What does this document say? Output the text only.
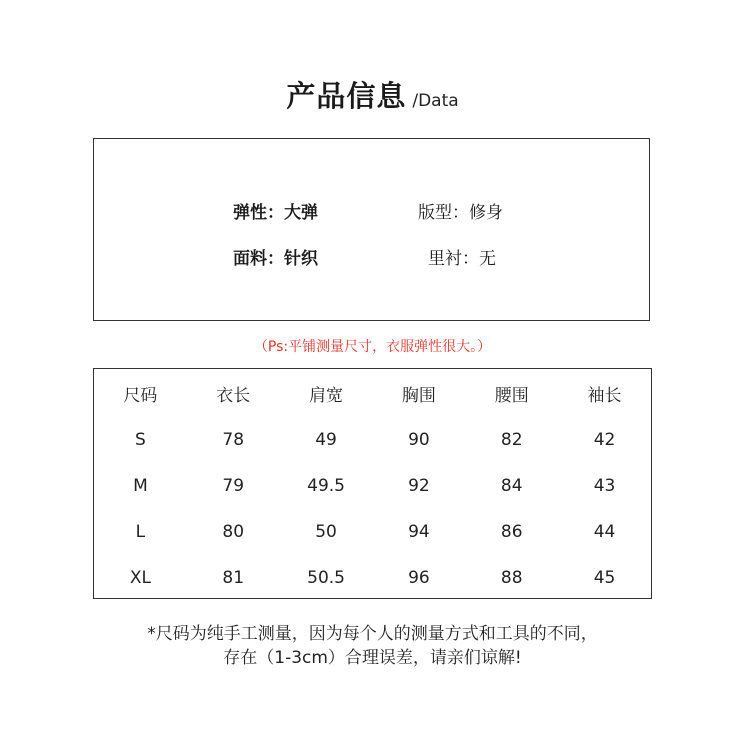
产品信息 /Data
弹性：大弹	版型：修身
面料：针织	里衬：无
（Ps:平铺测量尺寸，衣服弹性很大。）
尺码	衣长	肩宽	胸围	腰围	袖长
S	78	49	90	82	42
M	79	49.5	92	84	43
L	80	50	94	86	44
XL	81	50.5	96	88	45
*尺码为纯手工测量，因为每个人的测量方式和工具的不同，
存在（1-3cm）合理误差，请亲们谅解!
